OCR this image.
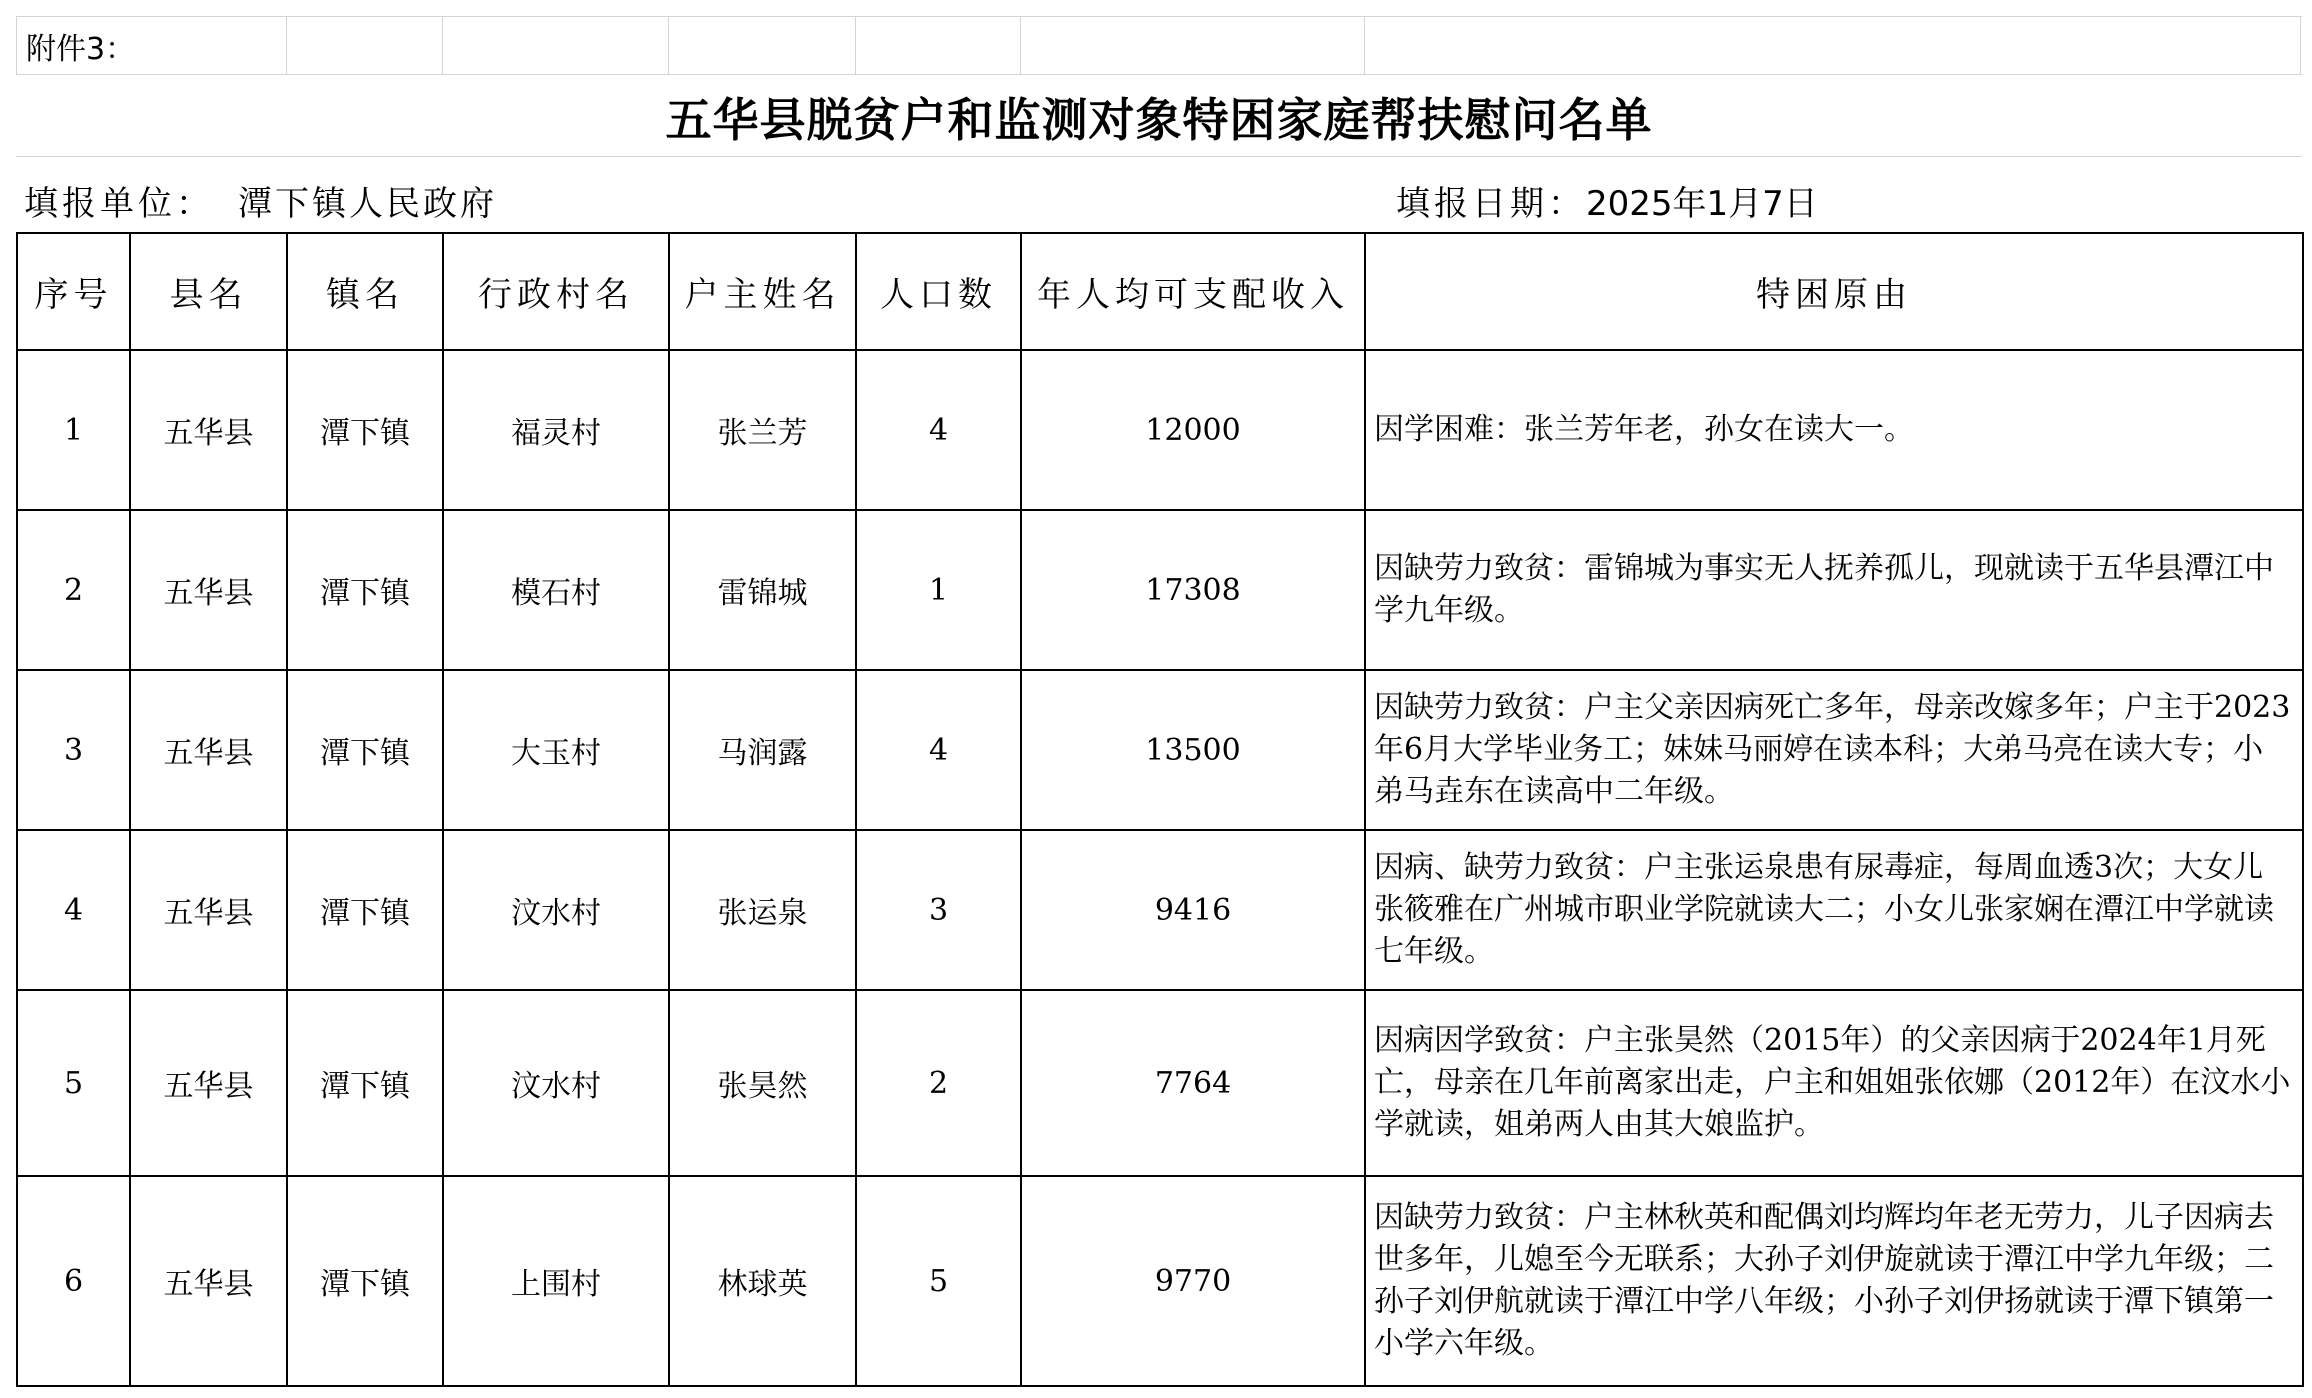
附件3：
五华县脱贫户和监测对象特困家庭帮扶慰问名单
填报单位： 潭下镇人民政府	填报日期：2025年1月7日
序号	县名	镇名	行政村名	户主姓名	人口数	年人均可支配收入	特困原由
1	五华县	潭下镇	福灵村	张兰芳	4	12000	因学困难：张兰芳年老，孙女在读大一。
2	五华县	潭下镇	模石村	雷锦城	1	17308	因缺劳力致贫：雷锦城为事实无人抚养孤儿，现就读于五华县潭江中学九年级。
3	五华县	潭下镇	大玉村	马润露	4	13500	因缺劳力致贫：户主父亲因病死亡多年，母亲改嫁多年；户主于2023年6月大学毕业务工；妹妹马丽婷在读本科；大弟马亮在读大专；小弟马垚东在读高中二年级。
4	五华县	潭下镇	汶水村	张运泉	3	9416	因病、缺劳力致贫：户主张运泉患有尿毒症，每周血透3次；大女儿张筱雅在广州城市职业学院就读大二；小女儿张家娴在潭江中学就读七年级。
5	五华县	潭下镇	汶水村	张昊然	2	7764	因病因学致贫：户主张昊然（2015年）的父亲因病于2024年1月死亡，母亲在几年前离家出走，户主和姐姐张依娜（2012年）在汶水小学就读，姐弟两人由其大娘监护。
6	五华县	潭下镇	上围村	林球英	5	9770	因缺劳力致贫：户主林秋英和配偶刘均辉均年老无劳力，儿子因病去世多年，儿媳至今无联系；大孙子刘伊旋就读于潭江中学九年级；二孙子刘伊航就读于潭江中学八年级；小孙子刘伊扬就读于潭下镇第一小学六年级。
